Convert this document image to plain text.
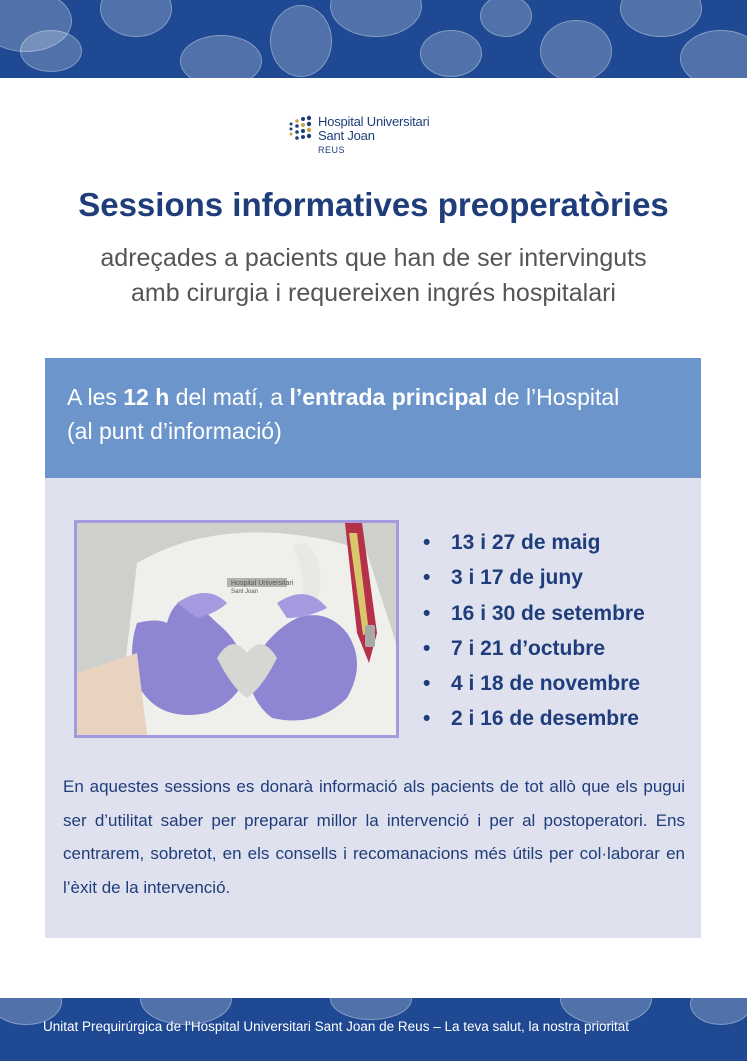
Hospital Universitari
Sant Joan
REUS
Sessions informatives preoperatòries
adreçades a pacients que han de ser intervinguts
amb cirurgia i requereixen ingrés hospitalari
A les 12 h del matí, a l’entrada principal de l’Hospital
(al punt d’informació)
Hospital Universitari
Sant Joan
• 13 i 27 de maig
• 3 i 17 de juny
• 16 i 30 de setembre
• 7 i 21 d’octubre
• 4 i 18 de novembre
• 2 i 16 de desembre
En aquestes sessions es donarà informació als pacients de tot allò que els pugui ser d’utilitat saber per preparar millor la intervenció i per al postoperatori. Ens centrarem, sobretot, en els consells i recomanacions més útils per col·laborar en l’èxit de la intervenció.
Unitat Prequirúrgica de l’Hospital Universitari Sant Joan de Reus – La teva salut, la nostra prioritat
